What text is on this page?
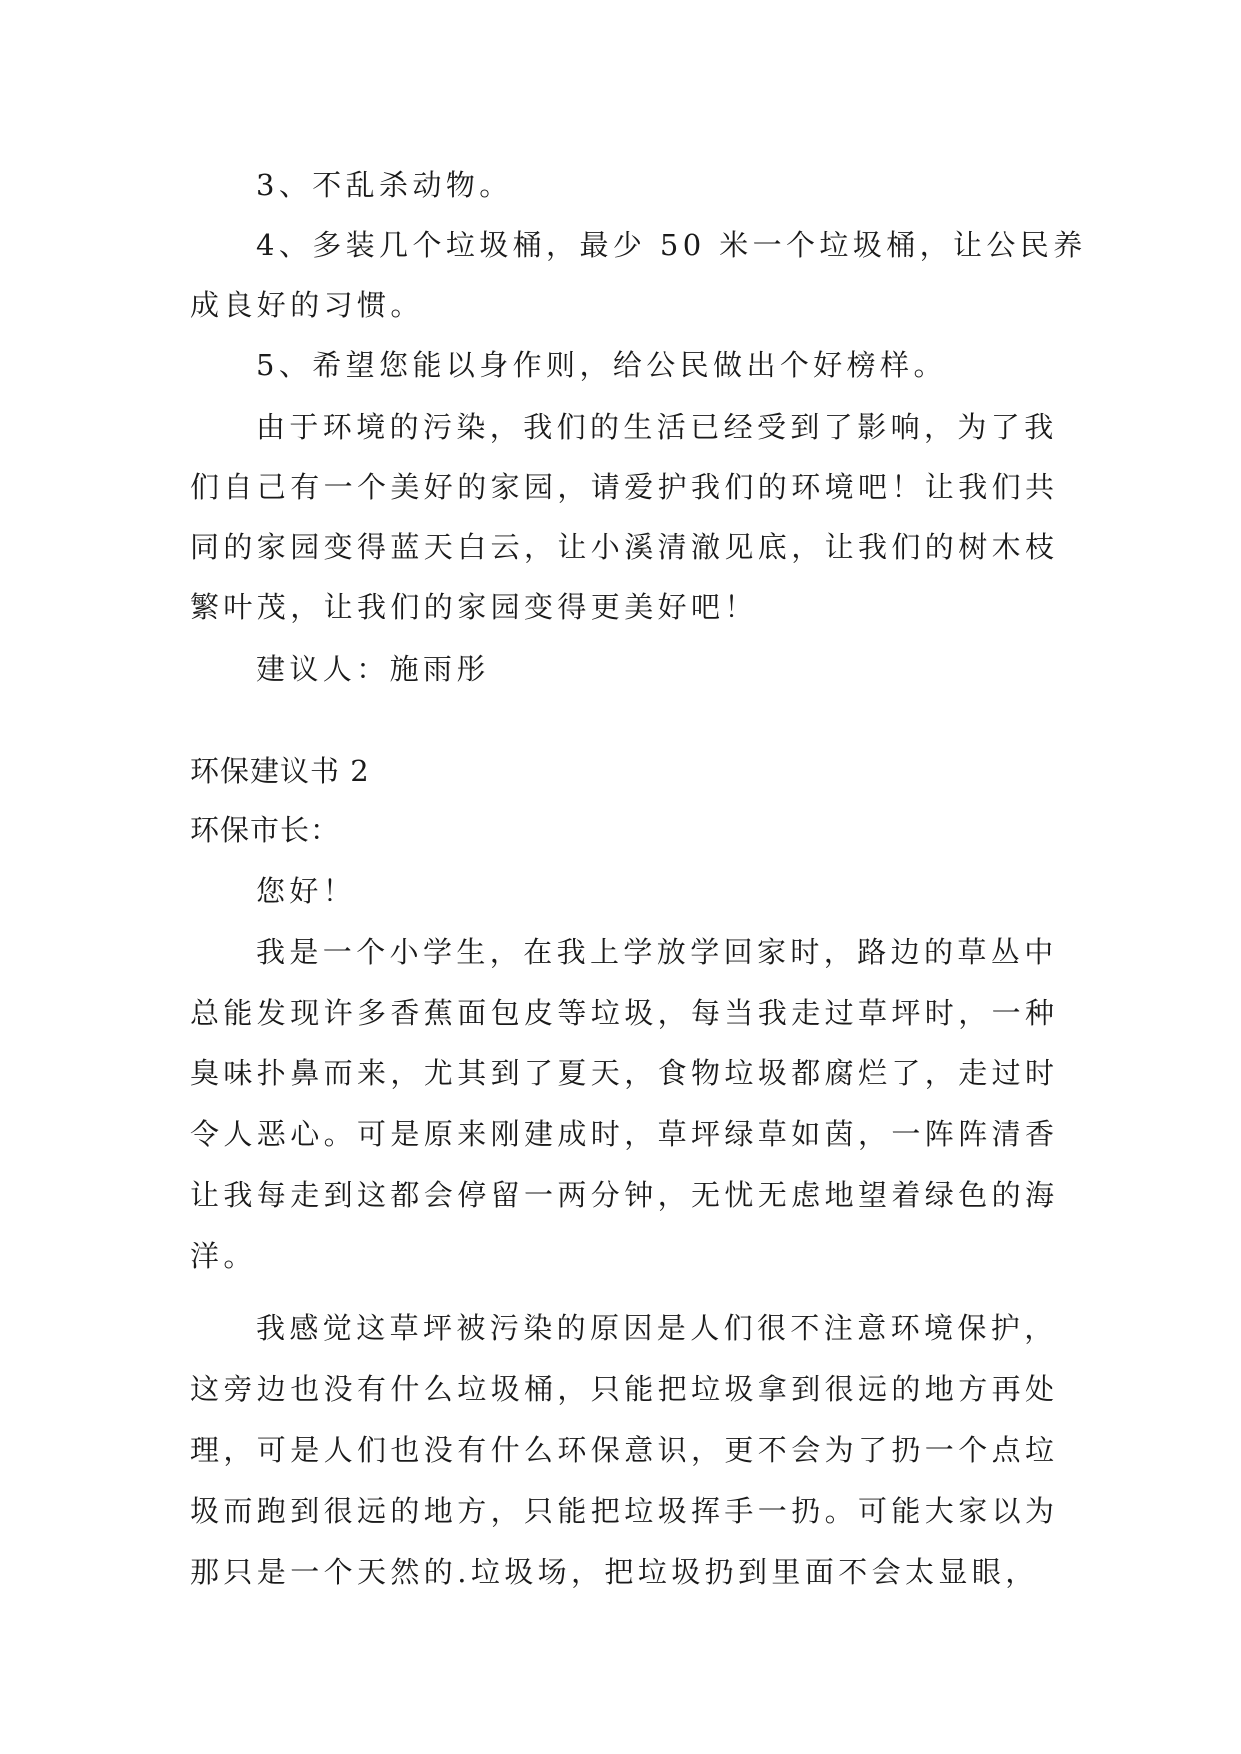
3、不乱杀动物。
4、多装几个垃圾桶，最少 50 米一个垃圾桶，让公民养
成良好的习惯。
5、希望您能以身作则，给公民做出个好榜样。
由于环境的污染，我们的生活已经受到了影响，为了我
们自己有一个美好的家园，请爱护我们的环境吧！让我们共
同的家园变得蓝天白云，让小溪清澈见底，让我们的树木枝
繁叶茂，让我们的家园变得更美好吧！
建议人：施雨彤
环保建议书 2
环保市长：
您好！
我是一个小学生，在我上学放学回家时，路边的草丛中
总能发现许多香蕉面包皮等垃圾，每当我走过草坪时，一种
臭味扑鼻而来，尤其到了夏天，食物垃圾都腐烂了，走过时
令人恶心。可是原来刚建成时，草坪绿草如茵，一阵阵清香
让我每走到这都会停留一两分钟，无忧无虑地望着绿色的海
洋。
我感觉这草坪被污染的原因是人们很不注意环境保护，
这旁边也没有什么垃圾桶，只能把垃圾拿到很远的地方再处
理，可是人们也没有什么环保意识，更不会为了扔一个点垃
圾而跑到很远的地方，只能把垃圾挥手一扔。可能大家以为
那只是一个天然的.垃圾场，把垃圾扔到里面不会太显眼，
